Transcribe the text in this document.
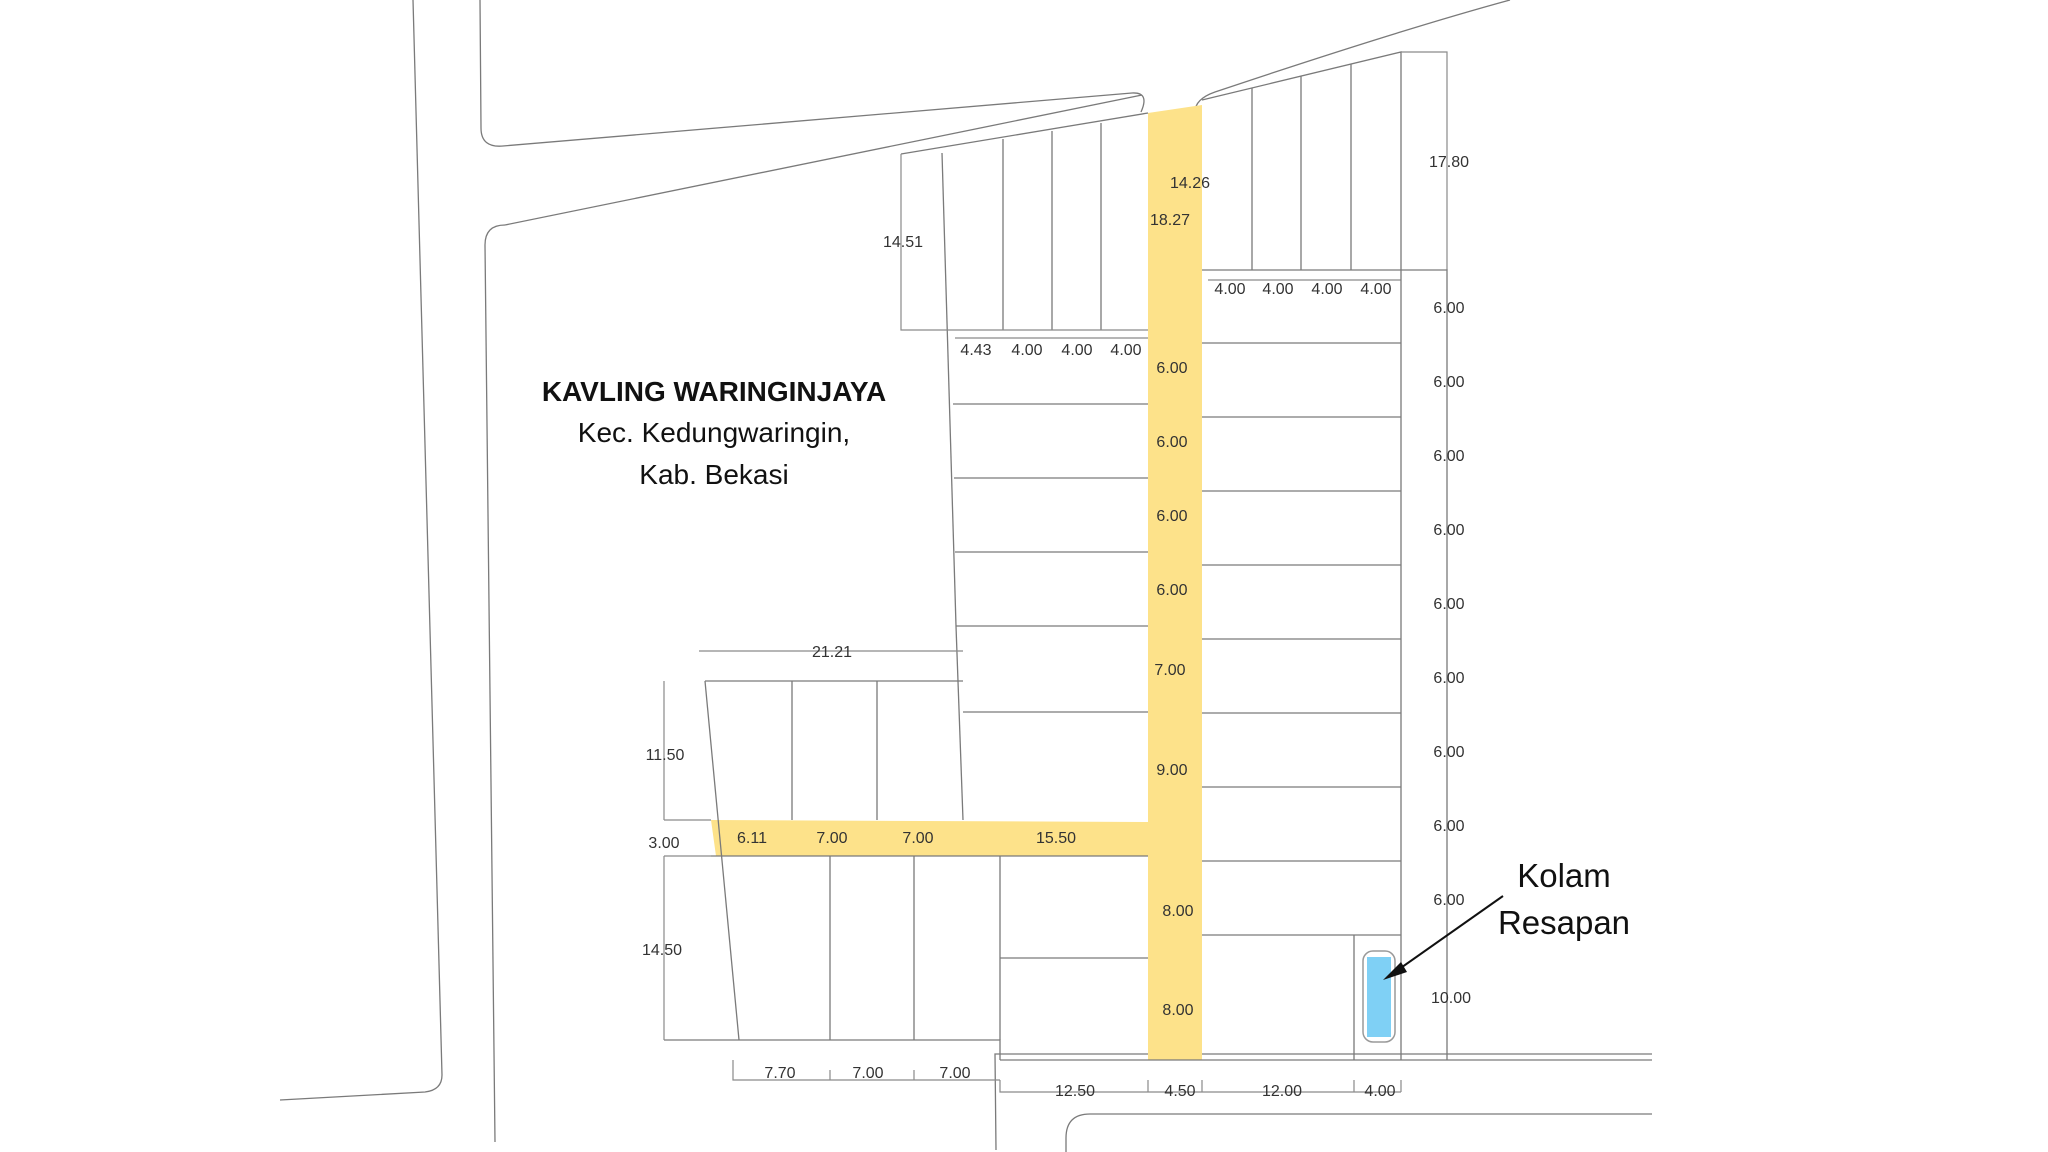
KAVLING WARINGINJAYA
Kec. Kedungwaringin,
Kab. Bekasi
Kolam
Resapan
14.51
4.43 4.00 4.00 4.00
14.26
18.27
17.80
4.00 4.00 4.00 4.00
6.00
6.00
6.00
6.00
7.00
9.00
8.00
8.00
6.00
6.00
6.00
6.00
6.00
6.00
6.00
6.00
6.00
10.00
21.21
11.50
3.00	6.11	7.00	7.00	15.50
14.50
7.70	7.00	7.00
12.50	4.50	12.00	4.00
